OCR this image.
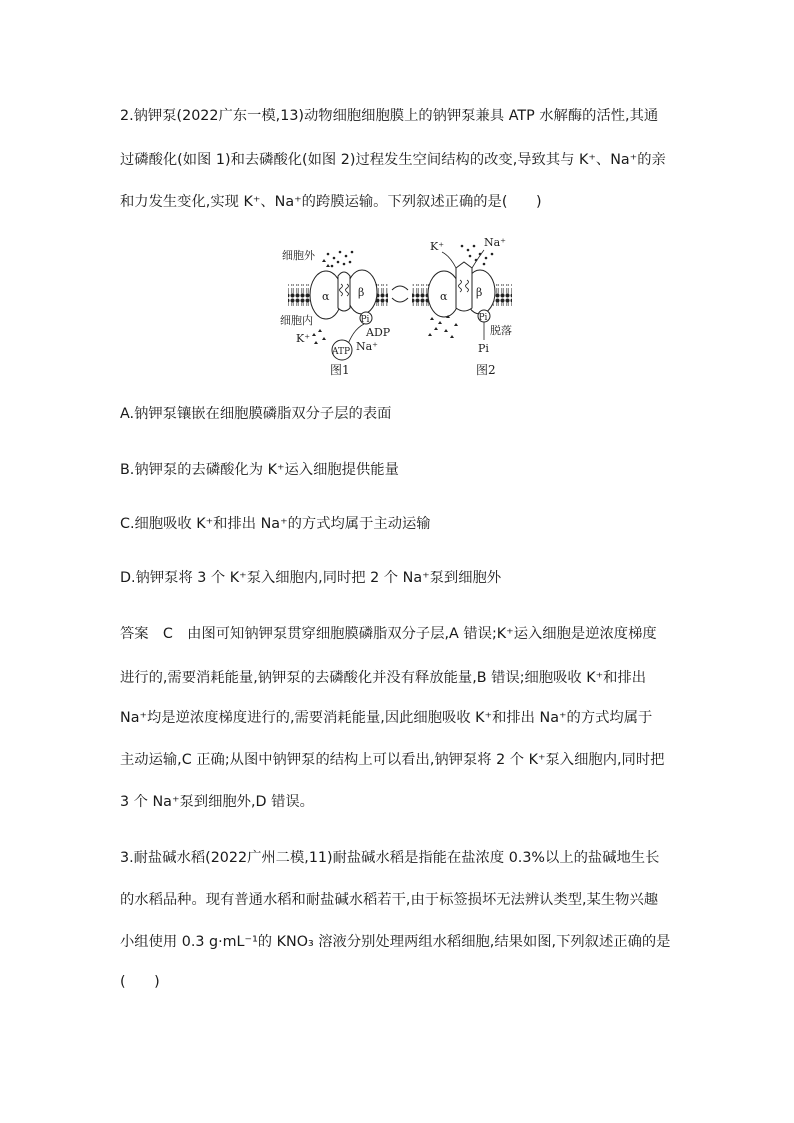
2.钠钾泵(2022广东一模,13)动物细胞细胞膜上的钠钾泵兼具 ATP 水解酶的活性,其通
过磷酸化(如图 1)和去磷酸化(如图 2)过程发生空间结构的改变,导致其与 K⁺、Na⁺的亲
和力发生变化,实现 K⁺、Na⁺的跨膜运输。下列叙述正确的是(　　)
α	β
细胞外
细胞内	Pi
ADP
ATP Na⁺
K⁺
图1
α	β
K⁺	Na⁺
Pi
脱落
Pi
图2
A.钠钾泵镶嵌在细胞膜磷脂双分子层的表面
B.钠钾泵的去磷酸化为 K⁺运入细胞提供能量
C.细胞吸收 K⁺和排出 Na⁺的方式均属于主动运输
D.钠钾泵将 3 个 K⁺泵入细胞内,同时把 2 个 Na⁺泵到细胞外
答案　C　由图可知钠钾泵贯穿细胞膜磷脂双分子层,A 错误;K⁺运入细胞是逆浓度梯度
进行的,需要消耗能量,钠钾泵的去磷酸化并没有释放能量,B 错误;细胞吸收 K⁺和排出
Na⁺均是逆浓度梯度进行的,需要消耗能量,因此细胞吸收 K⁺和排出 Na⁺的方式均属于
主动运输,C 正确;从图中钠钾泵的结构上可以看出,钠钾泵将 2 个 K⁺泵入细胞内,同时把
3 个 Na⁺泵到细胞外,D 错误。
3.耐盐碱水稻(2022广州二模,11)耐盐碱水稻是指能在盐浓度 0.3%以上的盐碱地生长
的水稻品种。现有普通水稻和耐盐碱水稻若干,由于标签损坏无法辨认类型,某生物兴趣
小组使用 0.3 g·mL⁻¹的 KNO₃ 溶液分别处理两组水稻细胞,结果如图,下列叙述正确的是
(　　)
